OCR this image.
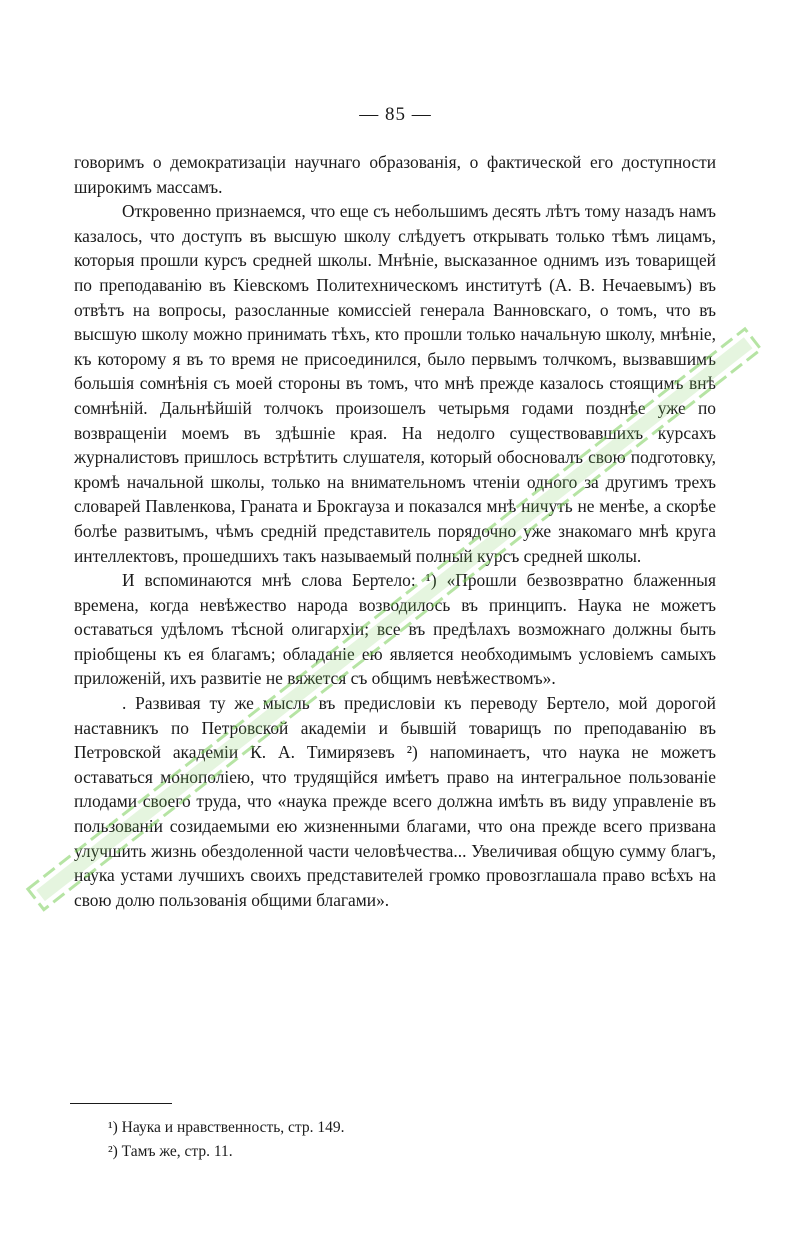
— 85 —

говоримъ о демократизаціи научнаго образованія, о фактической его доступности широкимъ массамъ.

Откровенно признаемся, что еще съ небольшимъ десять лѣтъ тому назадъ намъ казалось, что доступъ въ высшую школу слѣдуетъ открывать только тѣмъ лицамъ, которыя прошли курсъ средней школы. Мнѣніе, высказанное однимъ изъ товарищей по преподаванію въ Кіевскомъ Политехническомъ институтѣ (А. В. Нечаевымъ) въ отвѣтъ на вопросы, разосланные комиссіей генерала Ванновскаго, о томъ, что въ высшую школу можно принимать тѣхъ, кто прошли только начальную школу, мнѣніе, къ которому я въ то время не присоединился, было первымъ толчкомъ, вызвавшимъ большія сомнѣнія съ моей стороны въ томъ, что мнѣ прежде казалось стоящимъ внѣ сомнѣній. Дальнѣйшій толчокъ произошелъ четырьмя годами позднѣе уже по возвращеніи моемъ въ здѣшніе края. На недолго существовавшихъ курсахъ журналистовъ пришлось встрѣтить слушателя, который обосновалъ свою подготовку, кромѣ начальной школы, только на внимательномъ чтеніи одного за другимъ трехъ словарей Павленкова, Граната и Брокгауза и показался мнѣ ничуть не менѣе, а скорѣе болѣе развитымъ, чѣмъ средній представитель порядочно уже знакомаго мнѣ круга интеллектовъ, прошедшихъ такъ называемый полный курсъ средней школы.

И вспоминаются мнѣ слова Бертело: ¹) «Прошли безвозвратно блаженныя времена, когда невѣжество народа возводилось въ принципъ. Наука не можетъ оставаться удѣломъ тѣсной олигархіи; все въ предѣлахъ возможнаго должны быть пріобщены къ ея благамъ; обладаніе ею является необходимымъ условіемъ самыхъ приложеній, ихъ развитіе не вяжется съ общимъ невѣжествомъ».

. Развивая ту же мысль въ предисловіи къ переводу Бертело, мой дорогой наставникъ по Петровской академіи и бывшій товарищъ по преподаванію въ Петровской академіи К. А. Тимирязевъ ²) напоминаетъ, что наука не можетъ оставаться монополіею, что трудящійся имѣетъ право на интегральное пользованіе плодами своего труда, что «наука прежде всего должна имѣть въ виду управленіе въ пользованіи созидаемыми ею жизненными благами, что она прежде всего призвана улучшить жизнь обездоленной части человѣчества... Увеличивая общую сумму благъ, наука устами лучшихъ своихъ представителей громко провозглашала право всѣхъ на свою долю пользованія общими благами».

¹) Наука и нравственность, стр. 149.
²) Тамъ же, стр. 11.
